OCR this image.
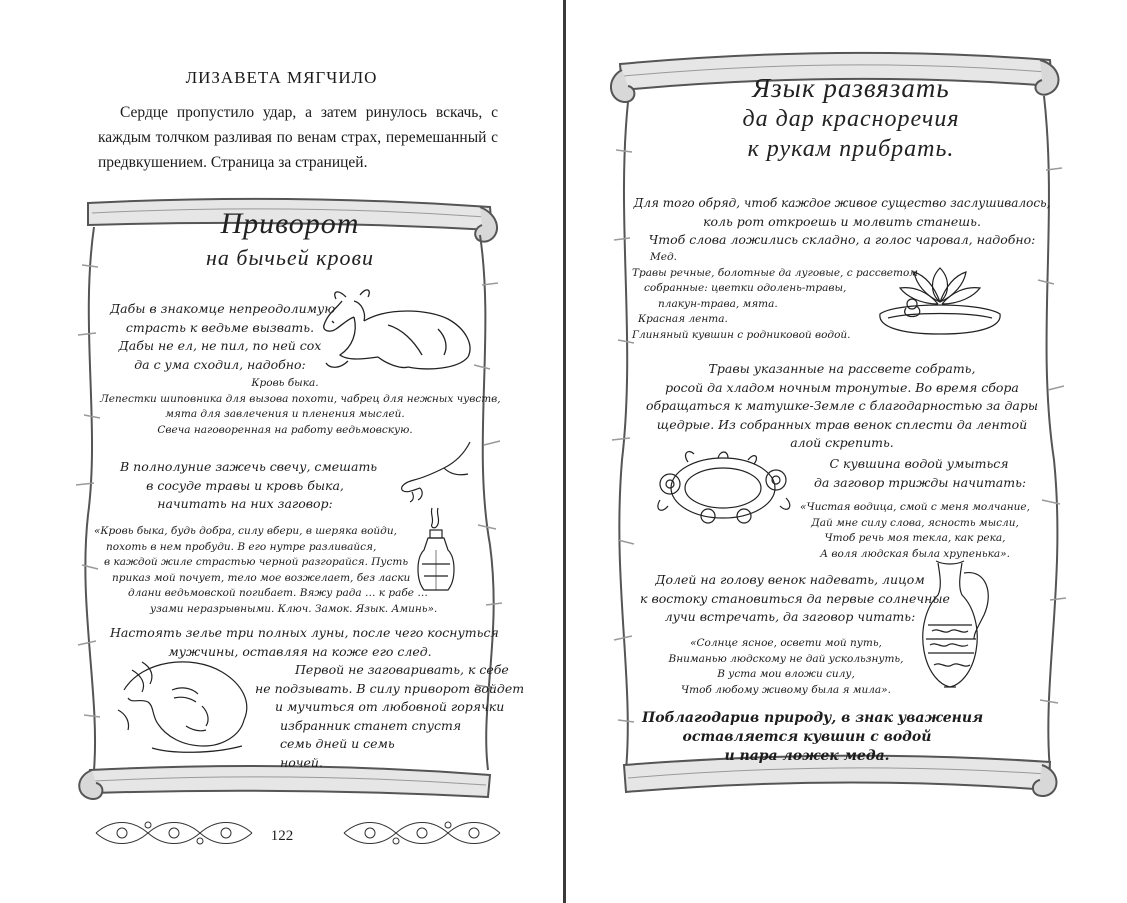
ЛИЗАВЕТА МЯГЧИЛО

Сердце пропустило удар, а затем ринулось вскачь, с каждым толчком разливая по венам страх, перемешанный с предвкушением. Страница за страницей.

Приворот
на бычьей крови
Дабы в знакомце непреодолимую
страсть к ведьме вызвать.
Дабы не ел, не пил, по ней сох
да с ума сходил, надобно:
Кровь быка.
Лепестки шиповника для вызова похоти, чабрец для нежных чувств,
мята для завлечения и пленения мыслей.
Свеча наговоренная на работу ведьмовскую.
В полнолуние зажечь свечу, смешать
в сосуде травы и кровь быка,
начитать на них заговор:
«Кровь быка, будь добра, силу вбери, в шеряка войди,
похоть в нем пробуди. В его нутре разливайся,
в каждой жиле страстью черной разгорайся. Пусть
приказ мой почует, тело мое возжелает, без ласки
длани ведьмовской погибает. Вяжу рада … к рабе …
узами неразрывными. Ключ. Замок. Язык. Аминь».
Настоять зелье три полных луны, после чего коснуться
мужчины, оставляя на коже его след.
Первой не заговаривать, к себе
не подзывать. В силу приворот войдет
и мучиться от любовной горячки
избранник станет спустя
семь дней и семь
ночей.
122
Язык развязать
да дар красноречия
к рукам прибрать.
Для того обряд, чтоб каждое живое существо заслушивалось,
коль рот откроешь и молвить станешь.
Чтоб слова ложились складно, а голос чаровал, надобно:
Мед.
Травы речные, болотные да луговые, с рассветом
собранные: цветки одолень-травы,
плакун-трава, мята.
Красная лента.
Глиняный кувшин с родниковой водой.
Травы указанные на рассвете собрать,
росой да хладом ночным тронутые. Во время сбора
обращаться к матушке-Земле с благодарностью за дары
щедрые. Из собранных трав венок сплести да лентой
алой скрепить.
С кувшина водой умыться
да заговор трижды начитать:
«Чистая водица, смой с меня молчание,
Дай мне силу слова, ясность мысли,
Чтоб речь моя текла, как река,
А воля людская была хрупенька».
Долей на голову венок надевать, лицом
к востоку становиться да первые солнечные
лучи встречать, да заговор читать:
«Солнце ясное, освети мой путь,
Вниманью людскому не дай ускользнуть,
В уста мои вложи силу,
Чтоб любому живому была я мила».
Поблагодарив природу, в знак уважения
оставляется кувшин с водой
и пара ложек меда.
